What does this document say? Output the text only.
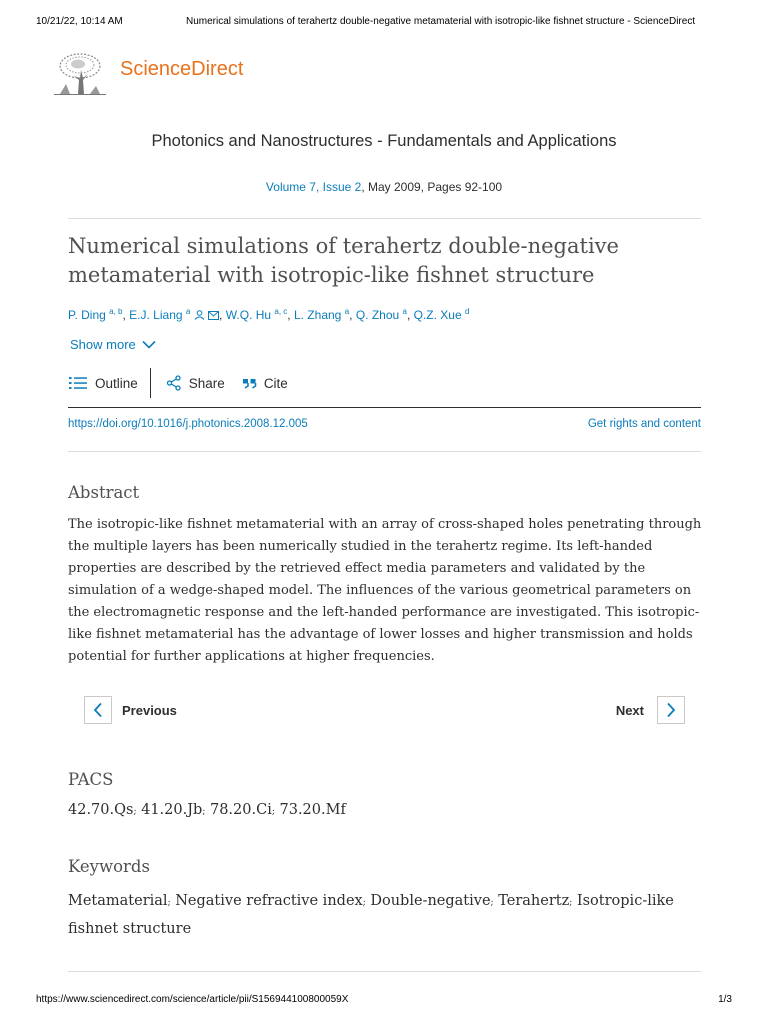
10/21/22, 10:14 AM	Numerical simulations of terahertz double-negative metamaterial with isotropic-like fishnet structure - ScienceDirect
ScienceDirect
Photonics and Nanostructures - Fundamentals and Applications
Volume 7, Issue 2, May 2009, Pages 92-100
Numerical simulations of terahertz double-negative metamaterial with isotropic-like fishnet structure
P. Ding $^{a, b}$, E.J. Liang $^a$ , W.Q. Hu $^{a, c}$, L. Zhang $^a$, Q. Zhou $^a$, Q.Z. Xue $^d$
Show more
Outline	Share	Cite
https://doi.org/10.1016/j.photonics.2008.12.005	Get rights and content
Abstract
The isotropic-like fishnet metamaterial with an array of cross-shaped holes penetrating through the multiple layers has been numerically studied in the terahertz regime. Its left-handed properties are described by the retrieved effect media parameters and validated by the simulation of a wedge-shaped model. The influences of the various geometrical parameters on the electromagnetic response and the left-handed performance are investigated. This isotropic-like fishnet metamaterial has the advantage of lower losses and higher transmission and holds potential for further applications at higher frequencies.
Previous	Next
PACS
42.70.Qs; 41.20.Jb; 78.20.Ci; 73.20.Mf
Keywords
Metamaterial; Negative refractive index; Double-negative; Terahertz; Isotropic-like fishnet structure
https://www.sciencedirect.com/science/article/pii/S156944100800059X	1/3
